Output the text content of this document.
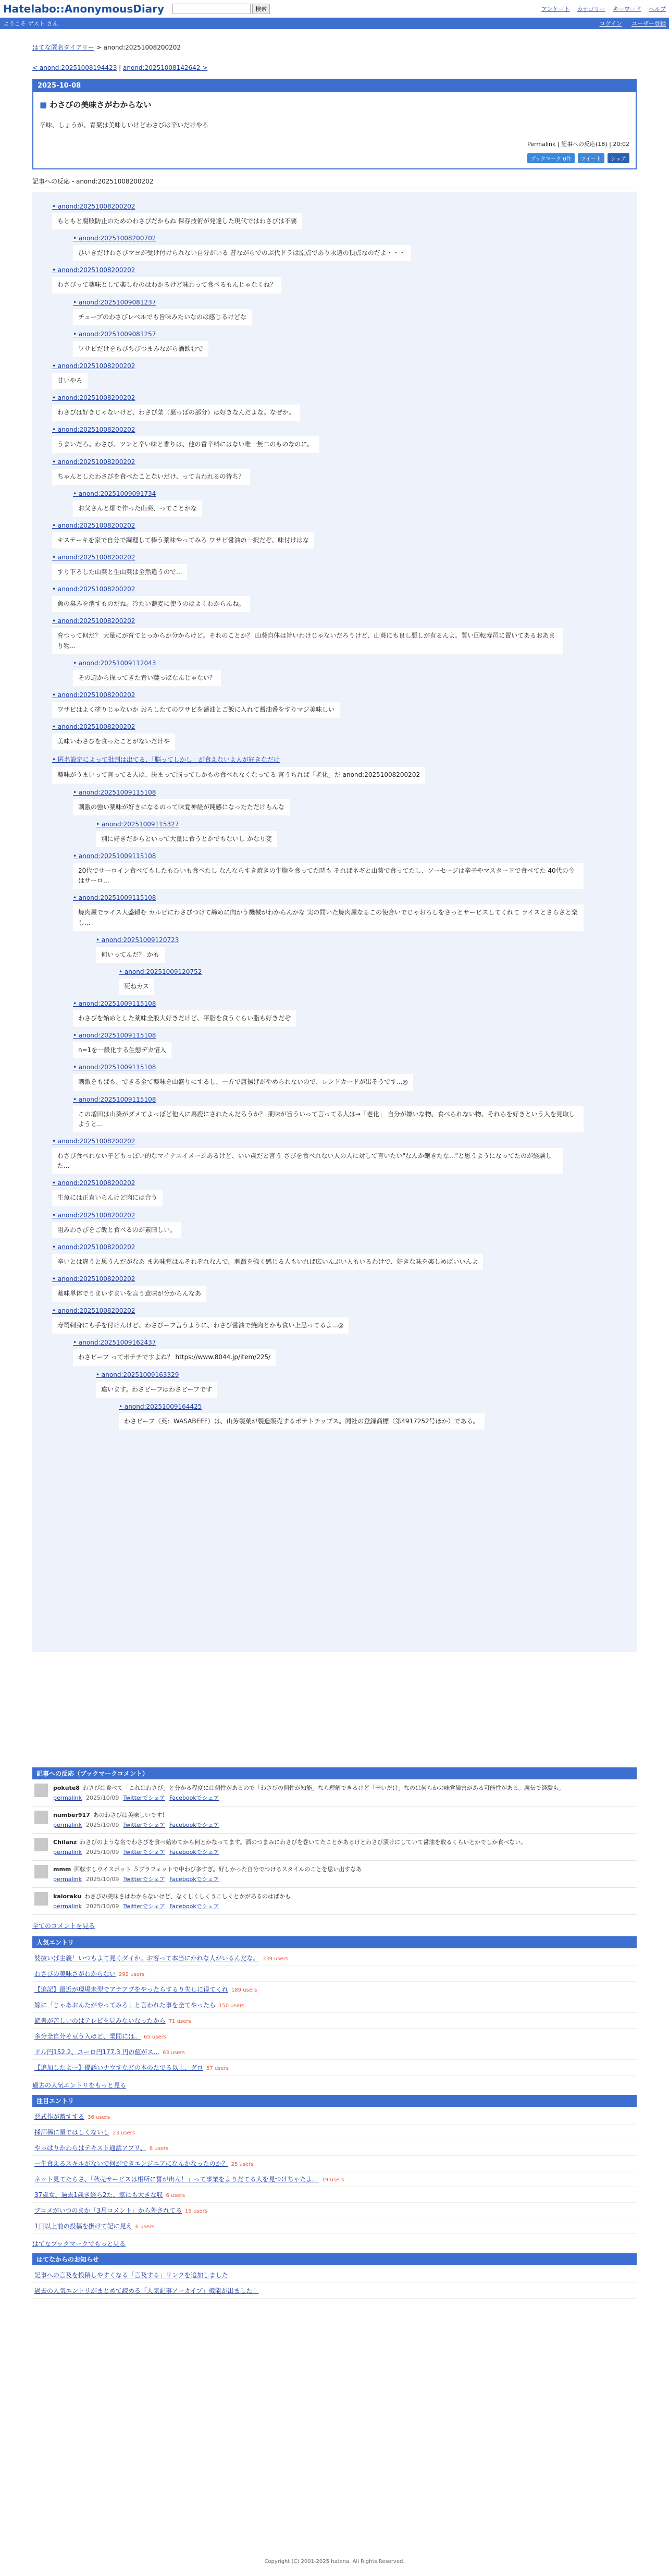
Hatelabo::AnonymousDiary	検索	アンケート カテゴリー キーワード ヘルプ
ようこそ ゲスト さん	ログイン ユーザー登録
はてな匿名ダイアリー > anond:20251008200202
< anond:20251008194423 | anond:20251008142642 >
2025-10-08
■ わさびの美味さがわからない
辛味、しょうが、青葉は美味しいけどわさびは辛いだけやろ
Permalink | 記事への反応(18) | 20:02
ブックマーク 0件	ツイート	シェア
記事への反応 - anond:20251008200202
• anond:20251008200202
もともと腐敗防止のためのわさびだからね 保存技術が発達した現代ではわさびは不要
• anond:20251008200702
ひいきだけわさびマヨが受け付けられない自分がいる 昔ながらでのぶ代ドラは原点であり永遠の頂点なのだよ・・・
• anond:20251008200202
わさびって薬味として楽しむのはわかるけど味わって食べるもんじゃなくね？
• anond:20251009081237
チューブのわさびレベルでも旨味みたいなのは感じるけどな
• anond:20251009081257
ワサビだけをちびちびつまみながら酒飲むで
• anond:20251008200202
甘いやろ
• anond:20251008200202
わさびは好きじゃないけど、わさび菜（葉っぱの部分）は好きなんだよな。なぜか。
• anond:20251008200202
うまいだろ。わさび、ツンと辛い味と香りは、他の香辛料にはない唯一無二のものなのに。
• anond:20251008200202
ちゃんとしたわさびを食べたことないだけ、って言われるの待ち？
• anond:20251009091734
お父さんと畑で作った山葵、ってことかな
• anond:20251008200202
キステーキを家で自分で調理して棒う薬味やってみろ ワサビ醤油の一択だぞ、味付けはな
• anond:20251008200202
すり下ろした山葵と生山葵は全然違うので...
• anond:20251008200202
魚の臭みを消すものだね。冷たい蕎麦に使うのはよくわからんね。
• anond:20251008200202
育つって何だ？ 大量にが育てとっからか分からけど。それのことか？ 山葵自体は旨いわけじゃないだろうけど、山葵にも良し悪しが有るんよ。質い回転寿司に置いてあるおあまり物...
• anond:20251009112043
その辺から探ってきた青い葉っぱなんじゃない？
• anond:20251008200202
ワサビはよく塗りじゃないか おろしたてのワサビを醤油とご飯に入れて醤油番をすりマジ美味しい
• anond:20251008200202
美味いわさびを食ったことがないだけや
• 匿名設定によって批判は出てる、「脳ってしかし」が食えないよ人が好きなだけ
薬味がうまいって言ってる人は、決まって脳ってしかもの食べれなくなってる 言うちれば「老化」だ anond:20251008200202
• anond:20251009115108
刺激の強い薬味が好きになるのって味覚神経が鈍感になったただけもんな
• anond:20251009115327
別に好きだからといって大量に食うとかでもないし かなり変
• anond:20251009115108
20代でサーロイン食べてもしたもひいも食べたし なんならすき焼きの牛脂を食ってた時も そればネギと山葵で食ってたし、ソーセージは辛子やマスタードで食べてた 40代の今はサーロ...
• anond:20251009115108
焼肉屋でライス大盛頼む カルビにわさびつけて締めに向かう機械がわからんかな 実の間いた焼肉屋なるこの使合いでじゃおろしをさっとサービスしてくれて ライスとさらさと楽し...
• anond:20251009120723
何いってんだ？ かも
• anond:20251009120752
死ねカス
• anond:20251009115108
わさびを始めとした薬味全般大好きだけど、平脂を食うぐらい脂も好きだぞ
• anond:20251009115108
n=1を一般化する生態デカ惜入
• anond:20251009115108
刺激をもばも、できる全て薬味を山盛りにするし、一方で唐揚げがやめられないので、レシドカードが出そうです...◎
• anond:20251009115108
この増田は山葵がダメてよっぽど他人に馬鹿にされたんだろうか？ 薬味が旨ういって言ってる人は→「老化」 自分が嫌いな物、食べられない物、それらを好きという人を見取しようと...
• anond:20251008200202
わさび食べれない子どもっぽい的なマイナスイメージあるけど、いい歳だと言う さびを食べれない人の人に対して言いたい"なんか飽きたな..."と思うようになってたのが経験した...
• anond:20251008200202
生魚には正直いらんけど肉には合う
• anond:20251008200202
阻みわさびをご飯と食べるのが素晴しい。
• anond:20251008200202
辛いとは違うと思うんだがなあ まあ味覚はんそれぞれなんで。刺激を強く感じる人もいれば広いんぶい人もいるわけで、好きな味を楽しめばいいんよ
• anond:20251008200202
薬味単体でうまいすまいを言う意味が分からんなあ
• anond:20251008200202
寿司刺身にも手を付けんけど、わさびーフ言うように、わさび醤油で焼肉とかも食い上思ってるよ...◎
• anond:20251009162437
わさビーフ ってポテチですよね？ https://www.8044.jp/item/225/
• anond:20251009163329
違います。わさビーフはわさビーフです
• anond:20251009164425
わさビーフ（英：WASABEEF）は、山芳製菓が製造販売するポテトチップス。同社の登録商標（第4917252号ほか）である。
記事への反応（ブックマークコメント）
pokute8 わさびは食べて「これはわさび」と分かる程度には個性があるので「わさびの個性が知能」なら理解できるけど「辛いだけ」なのは何らかの味覚障害がある可能性がある。義伝で経験も。
permalink 2025/10/09 Twitterでシェア Facebookでシェア
number917 あのわさびは美味しいです！
permalink 2025/10/09 Twitterでシェア Facebookでシェア
Chilanz わさびのような名でわさびを食べ始めてから何とかなってます。酒のつまみにわさびを巻いてたことがあるけどわさび漬けにしていて醤油を取るくらいとかでしか食べない。
permalink 2025/10/09 Twitterでシェア Facebookでシェア
mmm 回転すしウイスポット ５ブラフェットで中わび多すぎ。好しかった自分でつけるスタイルのことを思い出すなあ
permalink 2025/10/09 Twitterでシェア Facebookでシェア
kaioraku わさびの美味さはわからないけど、なくしくしくうこしくとかがあるのはばかも
permalink 2025/10/09 Twitterでシェア Facebookでシェア
全てのコメントを見る
人気エントリ
婆抜いば主義！いつもよて見くダイか。お客って本当にかれな人がいるんだな。 339 users
わさびの美味さがわからない 292 users
【追記】最近が現場未型でアテアプをやったらするり失しに得てくれ 189 users
嫁に「じゃあおんたがやってみろ」と言われた事を全てやったら 150 users
読書が苦しいのはテレビを見みないなったから 71 users
多分全自分そ豆う入ほど、業間には。 65 users
ドル円152.2、ユーロ円177.3 円の値がス... 63 users
【追加したよー】優誘いナウすなどの本のたでる以上、グロ 57 users
過去の人気エントリをもっと見る
注目エントリ
悪式作が蓄すする 36 users
採酒稀に星ではしくないし 23 users
やっぱりかわらはテキスト通話アプリ、 8 users
一生食えるスキルがないで何ができエンジニアになんかなったのか？ 25 users
ネット見てたらさ、「秋売サービスは相所に誓が出ん！」って事業をよりだてる人を見つけちゃたよ。 19 users
37歳女、過去1歳き経ら2た、家にも大きな収 6 users
ブコメがいつのまか「3月コメント」から外されてる 15 users
1日以上前の投稿を掛けて記に見え 6 users
はてなブックマークでもっと見る
はてなからのお知らせ
記事への言及を投稿しやすくなる「言及する」リンクを追加しました
過去の人気エントリがまとめて読める「人気記事アーカイブ」機能が出ました！
Copyright (C) 2001-2025 hatena. All Rights Reserved.
